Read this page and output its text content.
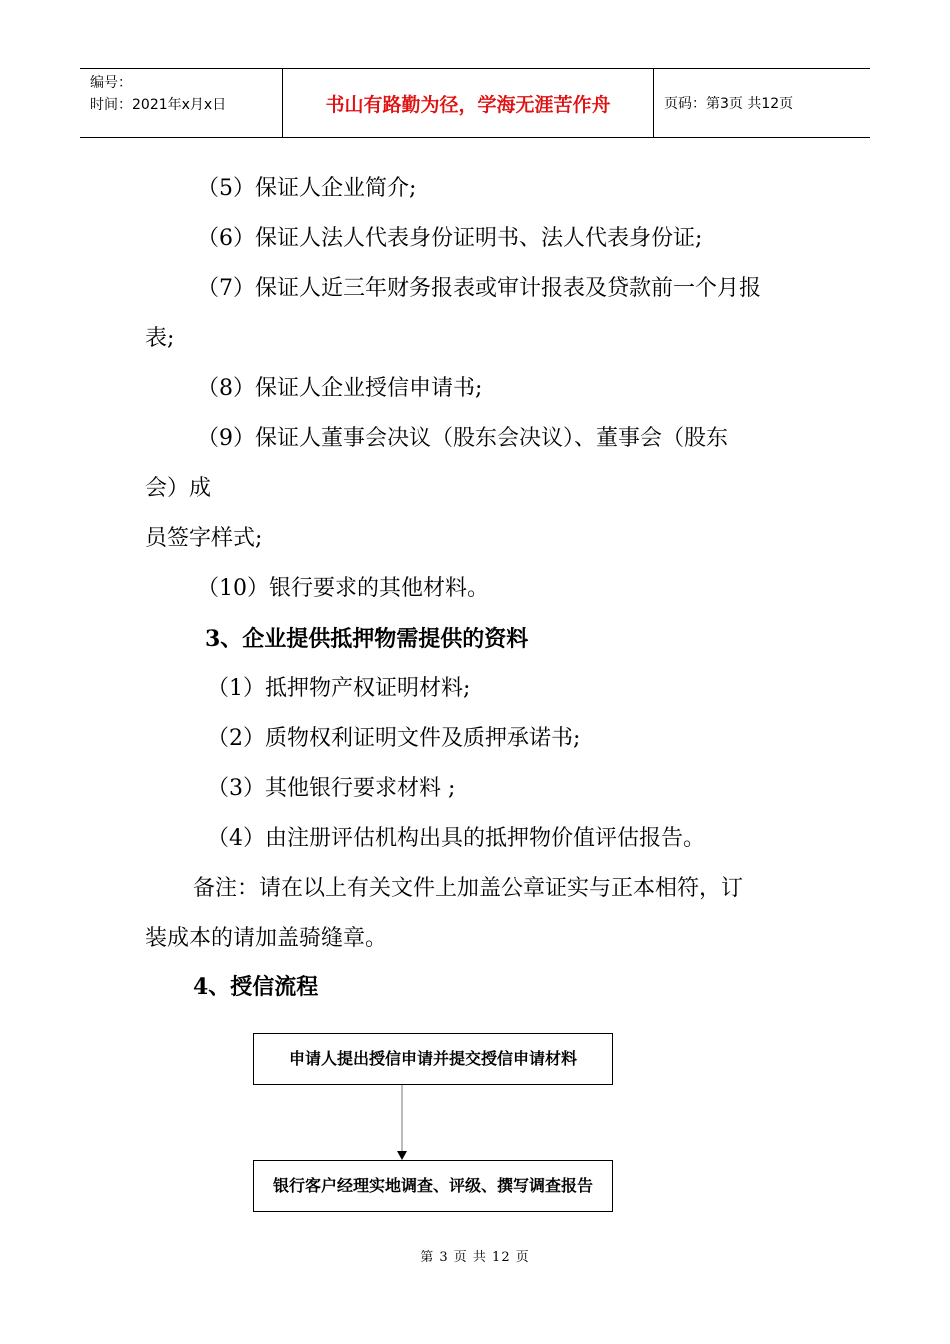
编号：
时间：2021年x月x日	书山有路勤为径，学海无涯苦作舟	页码：第3页 共12页
（5）保证人企业简介;
（6）保证人法人代表身份证明书、法人代表身份证;
（7）保证人近三年财务报表或审计报表及贷款前一个月报
表;
（8）保证人企业授信申请书;
（9）保证人董事会决议（股东会决议）、董事会（股东
会）成
员签字样式;
（10）银行要求的其他材料。
3、企业提供抵押物需提供的资料
（1）抵押物产权证明材料;
（2）质物权利证明文件及质押承诺书;
（3）其他银行要求材料 ;
（4）由注册评估机构出具的抵押物价值评估报告。
备注：请在以上有关文件上加盖公章证实与正本相符，订
装成本的请加盖骑缝章。
4、授信流程
申请人提出授信申请并提交授信申请材料
银行客户经理实地调查、评级、撰写调查报告
第 3 页 共 12 页
